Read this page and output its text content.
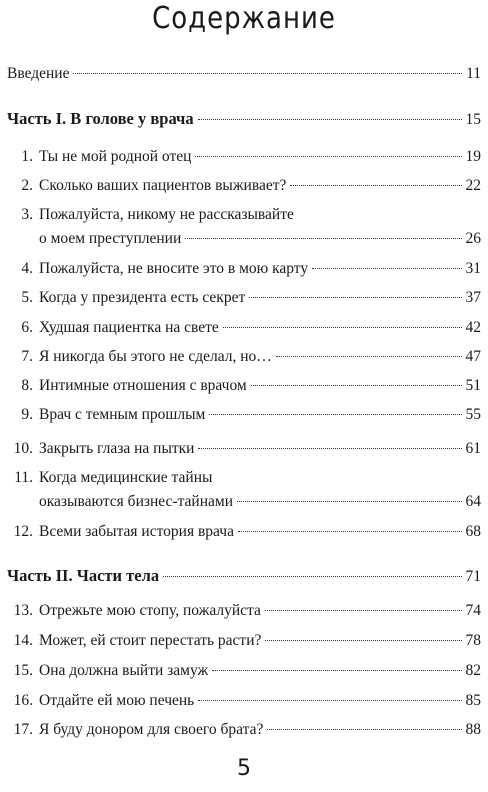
Содержание
Введение	11
Часть I. В голове у врача	15
1. Ты не мой родной отец	19
2. Сколько ваших пациентов выживает?	22
3. Пожалуйста, никому не рассказывайте
о моем преступлении	26
4. Пожалуйста, не вносите это в мою карту	31
5. Когда у президента есть секрет	37
6. Худшая пациентка на свете	42
7. Я никогда бы этого не сделал, но…	47
8. Интимные отношения с врачом	51
9. Врач с темным прошлым	55
10. Закрыть глаза на пытки	61
11. Когда медицинские тайны
оказываются бизнес-тайнами	64
12. Всеми забытая история врача	68
Часть II. Части тела	71
13. Отрежьте мою стопу, пожалуйста	74
14. Может, ей стоит перестать расти?	78
15. Она должна выйти замуж	82
16. Отдайте ей мою печень	85
17. Я буду донором для своего брата?	88
5
